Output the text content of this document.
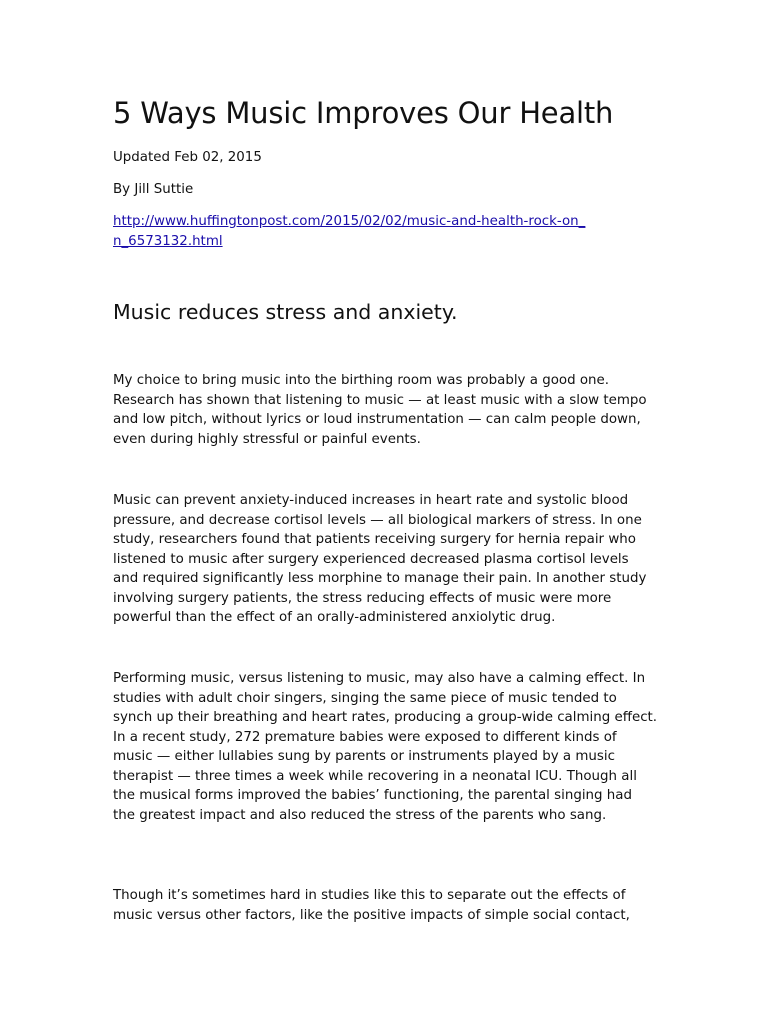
5 Ways Music Improves Our Health

Updated Feb 02, 2015

By Jill Suttie

http://www.huffingtonpost.com/2015/02/02/music-and-health-rock-on_n_6573132.html
Music reduces stress and anxiety.

My choice to bring music into the birthing room was probably a good one. Research has shown that listening to music — at least music with a slow tempo and low pitch, without lyrics or loud instrumentation — can calm people down, even during highly stressful or painful events.

Music can prevent anxiety-induced increases in heart rate and systolic blood pressure, and decrease cortisol levels — all biological markers of stress. In one study, researchers found that patients receiving surgery for hernia repair who listened to music after surgery experienced decreased plasma cortisol levels and required significantly less morphine to manage their pain. In another study involving surgery patients, the stress reducing effects of music were more powerful than the effect of an orally-administered anxiolytic drug.

Performing music, versus listening to music, may also have a calming effect. In studies with adult choir singers, singing the same piece of music tended to synch up their breathing and heart rates, producing a group-wide calming effect. In a recent study, 272 premature babies were exposed to different kinds of music — either lullabies sung by parents or instruments played by a music therapist — three times a week while recovering in a neonatal ICU. Though all the musical forms improved the babies’ functioning, the parental singing had the greatest impact and also reduced the stress of the parents who sang.

Though it’s sometimes hard in studies like this to separate out the effects of music versus other factors, like the positive impacts of simple social contact,
